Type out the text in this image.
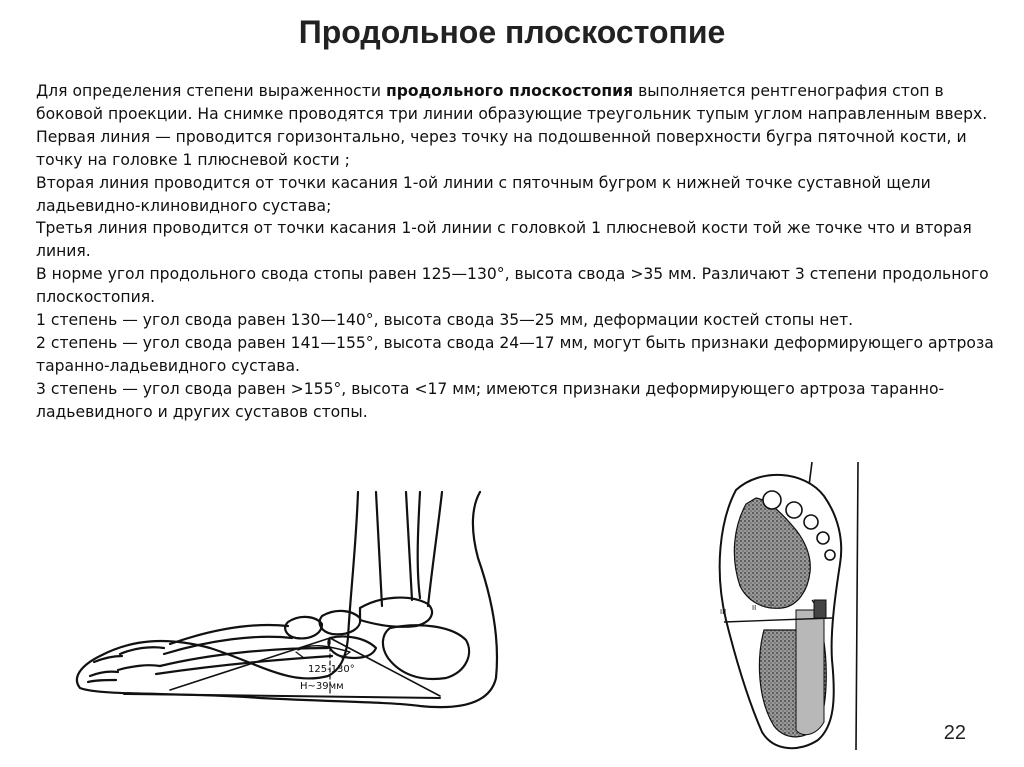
Продольное плоскостопие

Для определения степени выраженности продольного плоскостопия выполняется рентгенография стоп в боковой проекции. На снимке проводятся три линии образующие треугольник тупым углом направленным вверх.

Первая линия — проводится горизонтально, через точку на подошвенной поверхности бугра пяточной кости, и точку на головке 1 плюсневой кости ;

Вторая линия проводится от точки касания 1-ой линии с пяточным бугром к нижней точке суставной щели ладьевидно-клиновидного сустава;

Третья линия проводится от точки касания 1-ой линии с головкой 1 плюсневой кости той же точке что и вторая линия.

В норме угол продольного свода стопы равен 125—130°, высота свода >35 мм. Различают 3 степени продольного плоскостопия.

1 степень — угол свода равен 130—140°, высота свода 35—25 мм, деформации костей стопы нет.

2 степень — угол свода равен 141—155°, высота свода 24—17 мм, могут быть признаки деформирующего артроза таранно-ладьевидного сустава.

3 степень — угол свода равен >155°, высота <17 мм; имеются признаки деформирующего артроза таранно-ладьевидного и других суставов стопы.

125-130°
H~39мм
III	II I
22
